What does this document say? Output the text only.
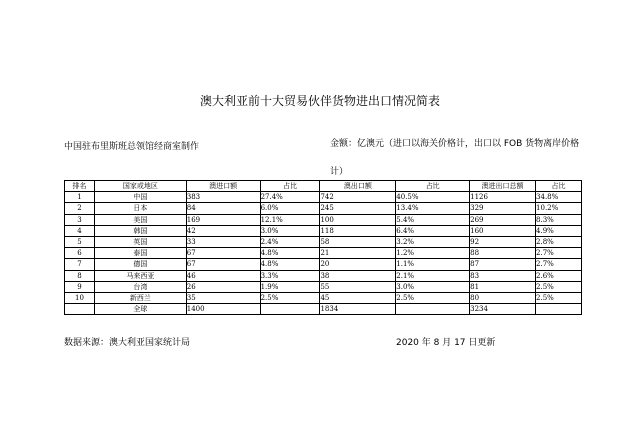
澳大利亚前十大贸易伙伴货物进出口情况简表
中国驻布里斯班总领馆经商室制作	金额：亿澳元（进口以海关价格计，出口以 FOB 货物离岸价格计）
排名	国家或地区	澳进口额	占比	澳出口额	占比	澳进出口总额	占比
1	中国	383	27.4%	742	40.5%	1126	34.8%
2	日本	84	6.0%	245	13.4%	329	10.2%
3	美国	169	12.1%	100	5.4%	269	8.3%
4	韩国	42	3.0%	118	6.4%	160	4.9%
5	英国	33	2.4%	58	3.2%	92	2.8%
6	泰国	67	4.8%	21	1.2%	88	2.7%
7	德国	67	4.8%	20	1.1%	87	2.7%
8	马来西亚	46	3.3%	38	2.1%	83	2.6%
9	台湾	26	1.9%	55	3.0%	81	2.5%
10	新西兰	35	2.5%	45	2.5%	80	2.5%
	全球	1400		1834		3234	
数据来源：澳大利亚国家统计局	2020 年 8 月 17 日更新
